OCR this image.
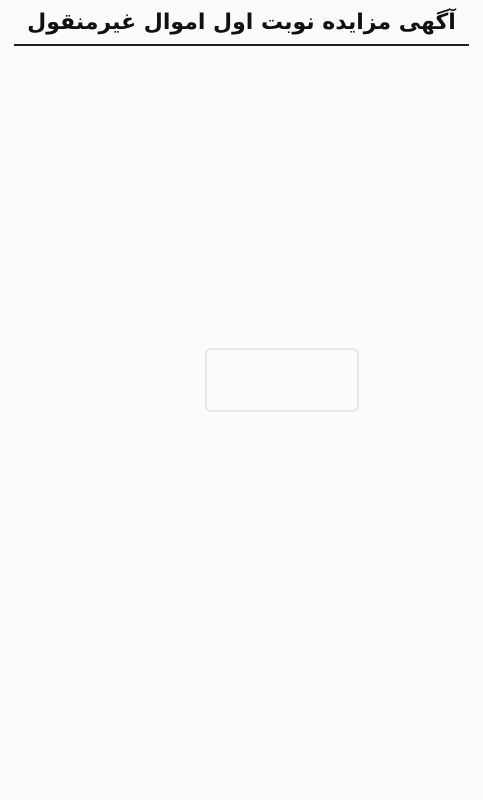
آگهی مزایده نوبت اول اموال غیرمنقول
